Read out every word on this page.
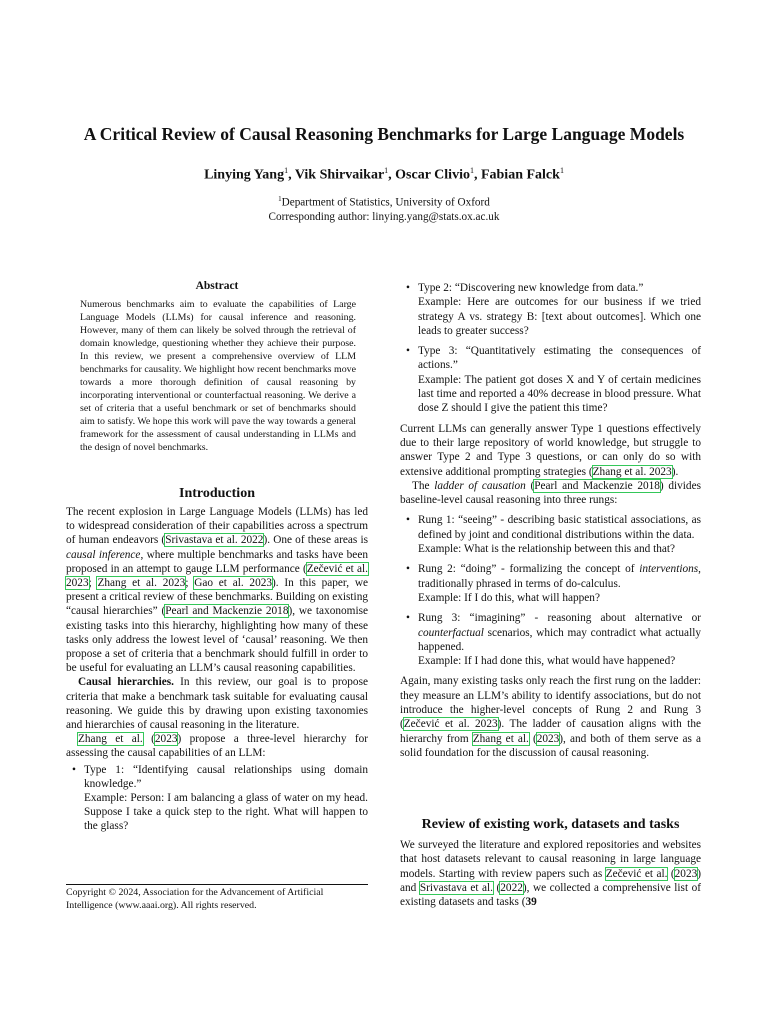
A Critical Review of Causal Reasoning Benchmarks for Large Language Models
Linying Yang$^1$, Vik Shirvaikar$^1$, Oscar Clivio$^1$, Fabian Falck$^1$
$^1$Department of Statistics, University of Oxford
Corresponding author: linying.yang@stats.ox.ac.uk
Abstract
Numerous benchmarks aim to evaluate the capabilities of Large Language Models (LLMs) for causal inference and reasoning. However, many of them can likely be solved through the retrieval of domain knowledge, questioning whether they achieve their purpose. In this review, we present a comprehensive overview of LLM benchmarks for causality. We highlight how recent benchmarks move towards a more thorough definition of causal reasoning by incorporating interventional or counterfactual reasoning. We derive a set of criteria that a useful benchmark or set of benchmarks should aim to satisfy. We hope this work will pave the way towards a general framework for the assessment of causal understanding in LLMs and the design of novel benchmarks.

Introduction

The recent explosion in Large Language Models (LLMs) has led to widespread consideration of their capabilities across a spectrum of human endeavors (Srivastava et al. 2022). One of these areas is causal inference, where multiple benchmarks and tasks have been proposed in an attempt to gauge LLM performance (Zečević et al. 2023; Zhang et al. 2023; Gao et al. 2023). In this paper, we present a critical review of these benchmarks. Building on existing “causal hierarchies” (Pearl and Mackenzie 2018), we taxonomise existing tasks into this hierarchy, highlighting how many of these tasks only address the lowest level of ‘causal’ reasoning. We then propose a set of criteria that a benchmark should fulfill in order to be useful for evaluating an LLM’s causal reasoning capabilities.

Causal hierarchies. In this review, our goal is to propose criteria that make a benchmark task suitable for evaluating causal reasoning. We guide this by drawing upon existing taxonomies and hierarchies of causal reasoning in the literature.

Zhang et al. (2023) propose a three-level hierarchy for assessing the causal capabilities of an LLM:

• Type 1: “Identifying causal relationships using domain knowledge.”
Example: Person: I am balancing a glass of water on my head. Suppose I take a quick step to the right. What will happen to the glass?
Copyright © 2024, Association for the Advancement of Artificial Intelligence (www.aaai.org). All rights reserved.
• Type 2: “Discovering new knowledge from data.”
Example: Here are outcomes for our business if we tried strategy A vs. strategy B: [text about outcomes]. Which one leads to greater success?
• Type 3: “Quantitatively estimating the consequences of actions.”
Example: The patient got doses X and Y of certain medicines last time and reported a 40% decrease in blood pressure. What dose Z should I give the patient this time?

Current LLMs can generally answer Type 1 questions effectively due to their large repository of world knowledge, but struggle to answer Type 2 and Type 3 questions, or can only do so with extensive additional prompting strategies (Zhang et al. 2023).

The ladder of causation (Pearl and Mackenzie 2018) divides baseline-level causal reasoning into three rungs:

• Rung 1: “seeing” - describing basic statistical associations, as defined by joint and conditional distributions within the data.
Example: What is the relationship between this and that?
• Rung 2: “doing” - formalizing the concept of interventions, traditionally phrased in terms of do-calculus.
Example: If I do this, what will happen?
• Rung 3: “imagining” - reasoning about alternative or counterfactual scenarios, which may contradict what actually happened.
Example: If I had done this, what would have happened?

Again, many existing tasks only reach the first rung on the ladder: they measure an LLM’s ability to identify associations, but do not introduce the higher-level concepts of Rung 2 and Rung 3 (Zečević et al. 2023). The ladder of causation aligns with the hierarchy from Zhang et al. (2023), and both of them serve as a solid foundation for the discussion of causal reasoning.

Review of existing work, datasets and tasks

We surveyed the literature and explored repositories and websites that host datasets relevant to causal reasoning in large language models. Starting with review papers such as Zečević et al. (2023) and Srivastava et al. (2022), we collected a comprehensive list of existing datasets and tasks (39
